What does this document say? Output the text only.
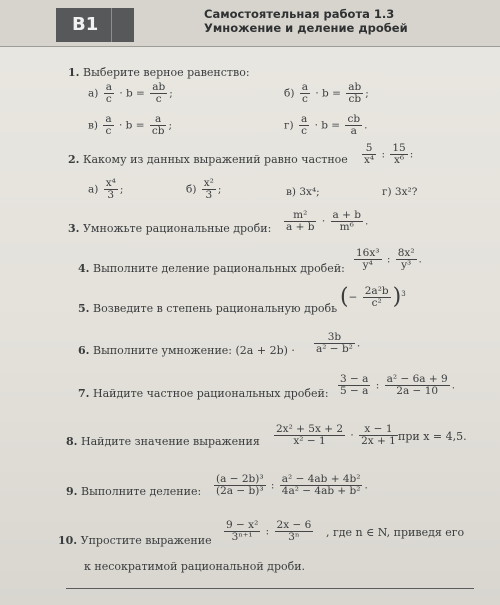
В1	Самостоятельная работа 1.3
Умножение и деление дробей
1. Выберите верное равенство:
$а) \frac{a}{c} \cdot b = \frac{ab}{c}$ ;	$б) \frac{a}{c} \cdot b = \frac{ab}{cb}$ ;
$в) \frac{a}{c} \cdot b = \frac{a}{cb}$ ;	$г) \frac{a}{c} \cdot b = \frac{cb}{a}$ .
2. Какому из данных выражений равно частное $\frac{5}{\text{x⁴}}$ : $\frac{15}{\text{x⁶}}$ :
$а) \frac{\text{x⁴}}{3}$ ;	$б) \frac{\text{x²}}{3}$ ;	в) 3x⁴;	г) 3x²?
3. Умножьте рациональные дроби: $\frac{\text{m²}}{a + b} \cdot \frac{a + b}{\text{m⁶}}$ .
4. Выполните деление рациональных дробей: $\frac{\text{16x³}}{\text{y⁴}}$ : $\frac{\text{8x²}}{\text{y³}}$ .
5. Возведите в степень рациональную дробь (− $\frac{\text{2a²b}}{\text{c²}} )^3$
6. Выполните умножение: $(2a + 2b) \cdot \frac{3b}{\text{a² − b²}}$ .
7. Найдите частное рациональных дробей: $\frac{3 - a}{5 - a}$ : $\frac{\text{a² − 6a + 9}}{2a - 10}$ .
8. Найдите значение выражения $\frac{\text{2x² + 5x + 2}}{\text{x² − 1}} \cdot \frac{x - 1}{2x + 1}$ при x = 4,5.
9. Выполните деление: $\frac{\text{(a − 2b)³}}{\text{(2a − b)³}}$ : $\frac{\text{a² − 4ab + 4b²}}{\text{4a² − 4ab + b²}}$ .
10. Упростите выражение $\frac{\text{9 − x²}}{\text{3ⁿ⁺¹}}$ : $\frac{2x - 6}{\text{3ⁿ}}$ , где n ∈ N, приведя его
к несократимой рациональной дроби.
